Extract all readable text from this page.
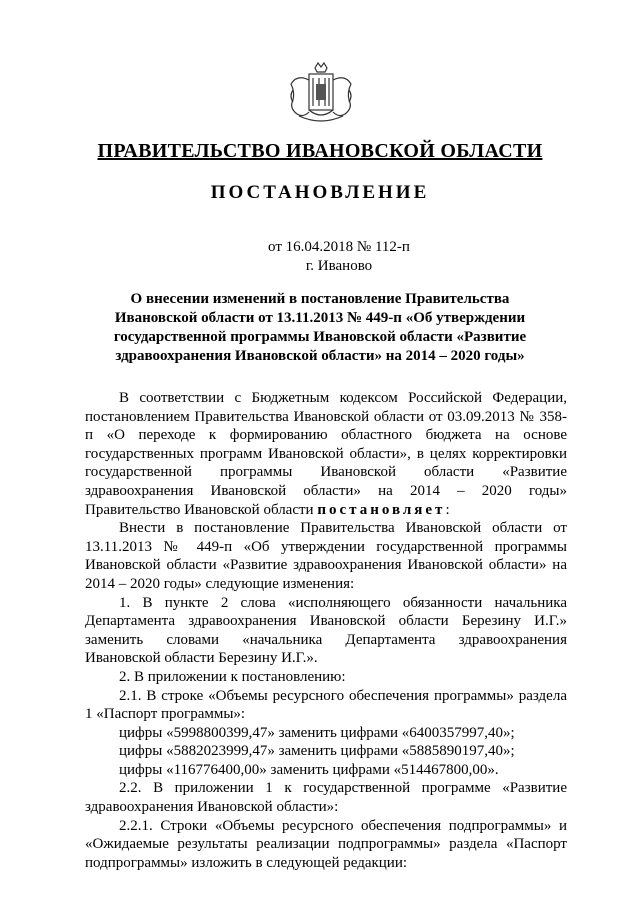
ПРАВИТЕЛЬСТВО ИВАНОВСКОЙ ОБЛАСТИ
ПОСТАНОВЛЕНИЕ
от 16.04.2018 № 112-п
г. Иваново
О внесении изменений в постановление Правительства Ивановской области от 13.11.2013 № 449-п «Об утверждении государственной программы Ивановской области «Развитие здравоохранения Ивановской области» на 2014 – 2020 годы»

В соответствии с Бюджетным кодексом Российской Федерации, постановлением Правительства Ивановской области от 03.09.2013 № 358-п «О переходе к формированию областного бюджета на основе государственных программ Ивановской области», в целях корректировки государственной программы Ивановской области «Развитие здравоохранения Ивановской области» на 2014 – 2020 годы» Правительство Ивановской области постановляет:

Внести в постановление Правительства Ивановской области от 13.11.2013 № 449-п «Об утверждении государственной программы Ивановской области «Развитие здравоохранения Ивановской области» на 2014 – 2020 годы» следующие изменения:

1. В пункте 2 слова «исполняющего обязанности начальника Департамента здравоохранения Ивановской области Березину И.Г.» заменить словами «начальника Департамента здравоохранения Ивановской области Березину И.Г.».

2. В приложении к постановлению:

2.1. В строке «Объемы ресурсного обеспечения программы» раздела 1 «Паспорт программы»:

цифры «5998800399,47» заменить цифрами «6400357997,40»;

цифры «5882023999,47» заменить цифрами «5885890197,40»;

цифры «116776400,00» заменить цифрами «514467800,00».

2.2. В приложении 1 к государственной программе «Развитие здравоохранения Ивановской области»:

2.2.1. Строки «Объемы ресурсного обеспечения подпрограммы» и «Ожидаемые результаты реализации подпрограммы» раздела «Паспорт подпрограммы» изложить в следующей редакции:
